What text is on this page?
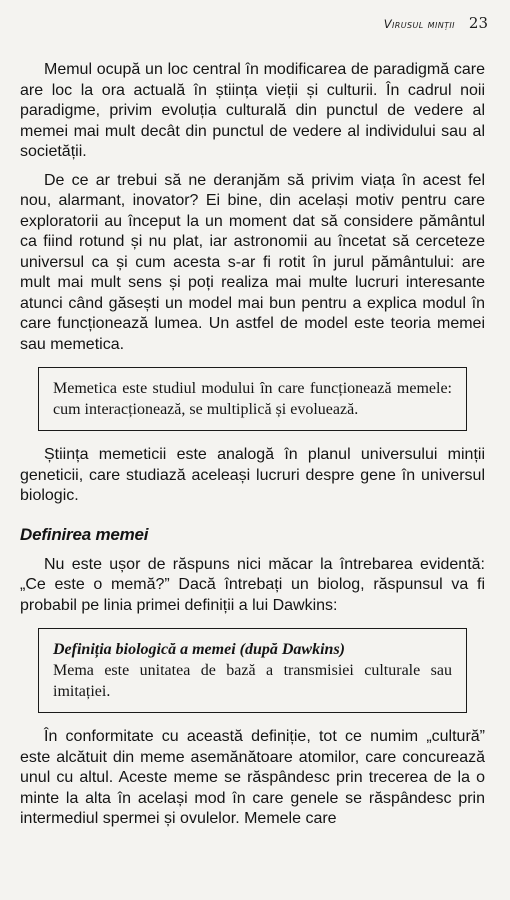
Virusul minții 23

Memul ocupă un loc central în modificarea de paradigmă care are loc la ora actuală în știința vieții și culturii. În cadrul noii paradigme, privim evoluția culturală din punctul de vedere al memei mai mult decât din punctul de vedere al individului sau al societății.

De ce ar trebui să ne deranjăm să privim viața în acest fel nou, alarmant, inovator? Ei bine, din același motiv pentru care exploratorii au început la un moment dat să considere pământul ca fiind rotund și nu plat, iar astronomii au încetat să cerceteze universul ca și cum acesta s-ar fi rotit în jurul pământului: are mult mai mult sens și poți realiza mai multe lucruri interesante atunci când găsești un model mai bun pentru a explica modul în care funcționează lumea. Un astfel de model este teoria memei sau memetica.

Memetica este studiul modului în care funcționează memele: cum interacționează, se multiplică și evoluează.

Știința memeticii este analogă în planul universului minții geneticii, care studiază aceleași lucruri despre gene în universul biologic.

Definirea memei

Nu este ușor de răspuns nici măcar la întrebarea evidentă: „Ce este o memă?” Dacă întrebați un biolog, răspunsul va fi probabil pe linia primei definiții a lui Dawkins:

Definiția biologică a memei (după Dawkins)

Mema este unitatea de bază a transmisiei culturale sau imitației.

În conformitate cu această definiție, tot ce numim „cultură” este alcătuit din meme asemănătoare atomilor, care concurează unul cu altul. Aceste meme se răspândesc prin trecerea de la o minte la alta în același mod în care genele se răspândesc prin intermediul spermei și ovulelor. Memele care
